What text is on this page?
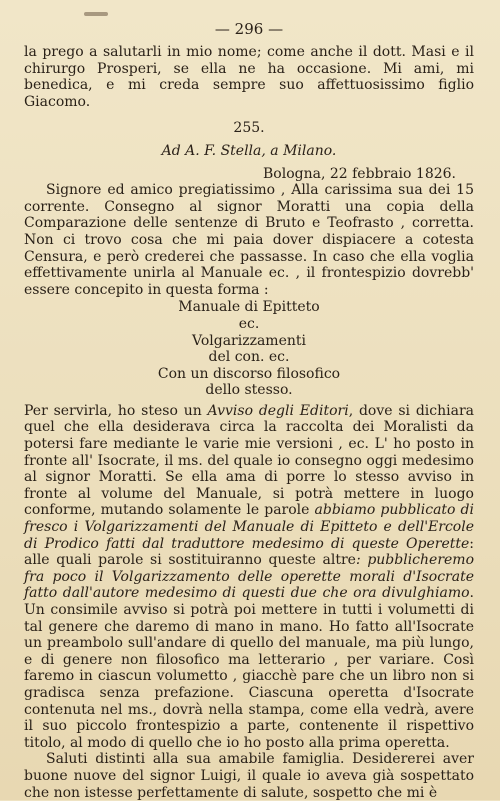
— 296 —

la prego a salutarli in mio nome; come anche il dott. Masi e il chirurgo Prosperi, se ella ne ha occasione. Mi ami, mi benedica, e mi creda sempre suo affettuosissimo figlio Giacomo.

255.
Ad A. F. Stella, a Milano.
Bologna, 22 febbraio 1826.

Signore ed amico pregiatissimo , Alla carissima sua dei 15 corrente. Consegno al signor Moratti una copia della Comparazione delle sentenze di Bruto e Teofrasto , corretta. Non ci trovo cosa che mi paia dover dispiacere a cotesta Censura, e però crederei che passasse. In caso che ella voglia effettivamente unirla al Manuale ec. , il frontespizio dovrebb' essere concepito in questa forma :

Manuale di Epitteto
ec.
Volgarizzamenti
del con. ec.
Con un discorso filosofico
dello stesso.

Per servirla, ho steso un Avviso degli Editori, dove si dichiara quel che ella desiderava circa la raccolta dei Moralisti da potersi fare mediante le varie mie versioni , ec. L' ho posto in fronte all' Isocrate, il ms. del quale io consegno oggi medesimo al signor Moratti. Se ella ama di porre lo stesso avviso in fronte al volume del Manuale, si potrà mettere in luogo conforme, mutando solamente le parole abbiamo pubblicato di fresco i Volgarizzamenti del Manuale di Epitteto e dell'Ercole di Prodico fatti dal traduttore medesimo di queste Operette: alle quali parole si sostituiranno queste altre: pubblicheremo fra poco il Volgarizzamento delle operette morali d'Isocrate fatto dall'autore medesimo di questi due che ora divulghiamo. Un consimile avviso si potrà poi mettere in tutti i volumetti di tal genere che daremo di mano in mano. Ho fatto all'Isocrate un preambolo sull'andare di quello del manuale, ma più lungo, e di genere non filosofico ma letterario , per variare. Così faremo in ciascun volumetto , giacchè pare che un libro non si gradisca senza prefazione. Ciascuna operetta d'Isocrate contenuta nel ms., dovrà nella stampa, come ella vedrà, avere il suo piccolo frontespizio a parte, contenente il rispettivo titolo, al modo di quello che io ho posto alla prima operetta.

Saluti distinti alla sua amabile famiglia. Desidererei aver buone nuove del signor Luigi, il quale io aveva già sospettato che non istesse perfettamente di salute, sospetto che mi è
